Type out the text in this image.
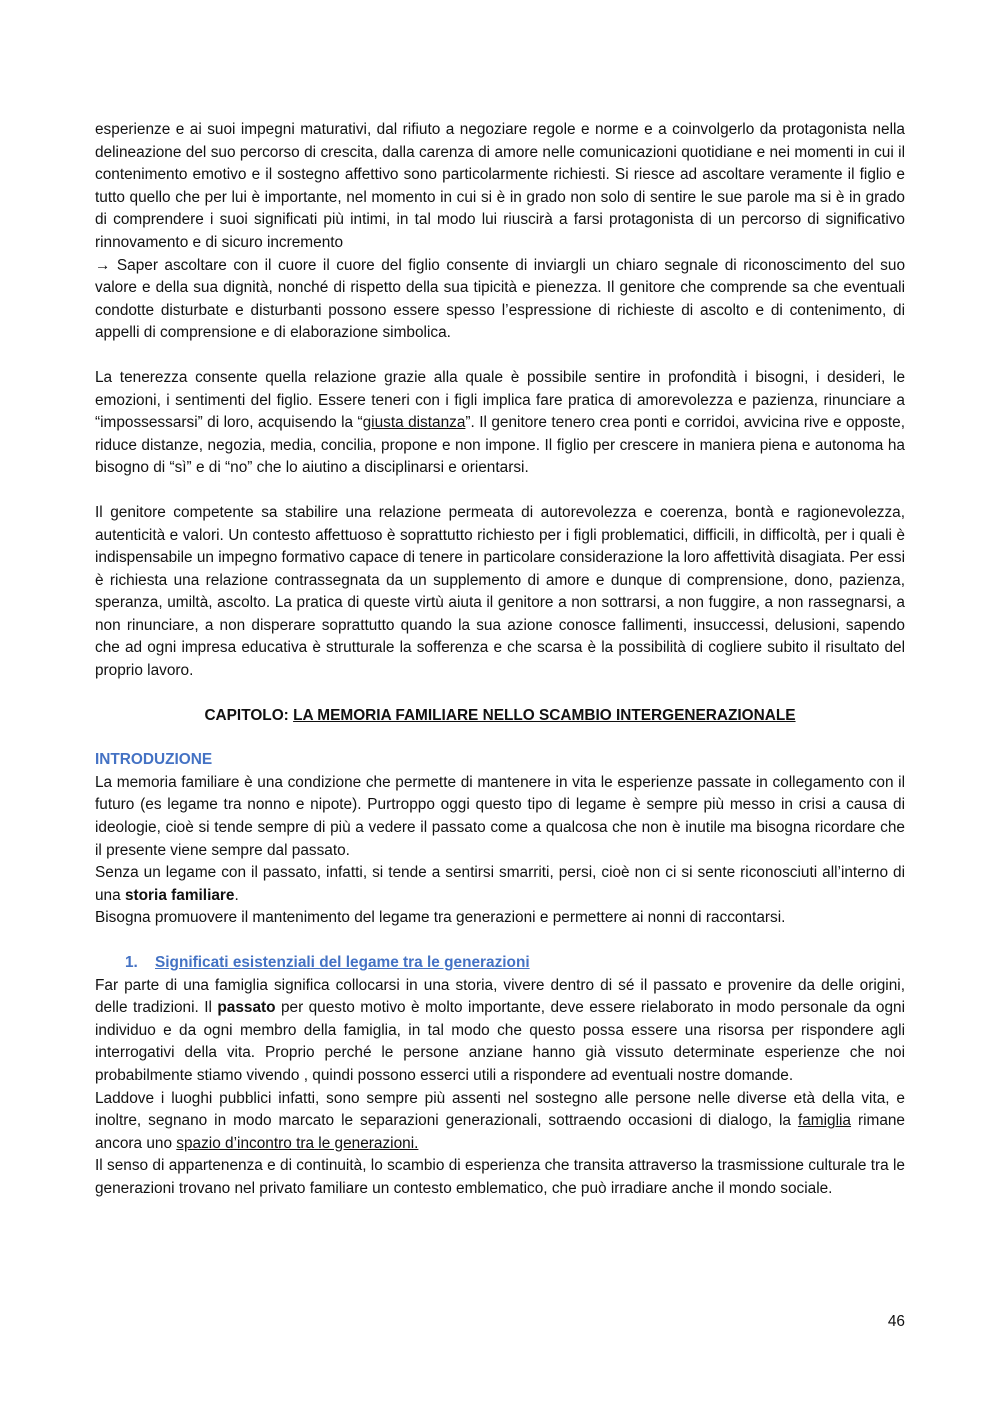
esperienze e ai suoi impegni maturativi, dal rifiuto a negoziare regole e norme e a coinvolgerlo da protagonista nella delineazione del suo percorso di crescita, dalla carenza di amore nelle comunicazioni quotidiane e nei momenti in cui il contenimento emotivo e il sostegno affettivo sono particolarmente richiesti. Si riesce ad ascoltare veramente il figlio e tutto quello che per lui è importante, nel momento in cui si è in grado non solo di sentire le sue parole ma si è in grado di comprendere i suoi significati più intimi, in tal modo lui riuscirà a farsi protagonista di un percorso di significativo rinnovamento e di sicuro incremento
→ Saper ascoltare con il cuore il cuore del figlio consente di inviargli un chiaro segnale di riconoscimento del suo valore e della sua dignità, nonché di rispetto della sua tipicità e pienezza. Il genitore che comprende sa che eventuali condotte disturbate e disturbanti possono essere spesso l’espressione di richieste di ascolto e di contenimento, di appelli di comprensione e di elaborazione simbolica.

La tenerezza consente quella relazione grazie alla quale è possibile sentire in profondità i bisogni, i desideri, le emozioni, i sentimenti del figlio. Essere teneri con i figli implica fare pratica di amorevolezza e pazienza, rinunciare a “impossessarsi” di loro, acquisendo la “giusta distanza”. Il genitore tenero crea ponti e corridoi, avvicina rive e opposte, riduce distanze, negozia, media, concilia, propone e non impone. Il figlio per crescere in maniera piena e autonoma ha bisogno di “sì” e di “no” che lo aiutino a disciplinarsi e orientarsi.

Il genitore competente sa stabilire una relazione permeata di autorevolezza e coerenza, bontà e ragionevolezza, autenticità e valori. Un contesto affettuoso è soprattutto richiesto per i figli problematici, difficili, in difficoltà, per i quali è indispensabile un impegno formativo capace di tenere in particolare considerazione la loro affettività disagiata. Per essi è richiesta una relazione contrassegnata da un supplemento di amore e dunque di comprensione, dono, pazienza, speranza, umiltà, ascolto. La pratica di queste virtù aiuta il genitore a non sottrarsi, a non fuggire, a non rassegnarsi, a non rinunciare, a non disperare soprattutto quando la sua azione conosce fallimenti, insuccessi, delusioni, sapendo che ad ogni impresa educativa è strutturale la sofferenza e che scarsa è la possibilità di cogliere subito il risultato del proprio lavoro.

CAPITOLO: LA MEMORIA FAMILIARE NELLO SCAMBIO INTERGENERAZIONALE

INTRODUZIONE

La memoria familiare è una condizione che permette di mantenere in vita le esperienze passate in collegamento con il futuro (es legame tra nonno e nipote). Purtroppo oggi questo tipo di legame è sempre più messo in crisi a causa di ideologie, cioè si tende sempre di più a vedere il passato come a qualcosa che non è inutile ma bisogna ricordare che il presente viene sempre dal passato.

Senza un legame con il passato, infatti, si tende a sentirsi smarriti, persi, cioè non ci si sente riconosciuti all’interno di una storia familiare.

Bisogna promuovere il mantenimento del legame tra generazioni e permettere ai nonni di raccontarsi.

1. Significati esistenziali del legame tra le generazioni

Far parte di una famiglia significa collocarsi in una storia, vivere dentro di sé il passato e provenire da delle origini, delle tradizioni. Il passato per questo motivo è molto importante, deve essere rielaborato in modo personale da ogni individuo e da ogni membro della famiglia, in tal modo che questo possa essere una risorsa per rispondere agli interrogativi della vita. Proprio perché le persone anziane hanno già vissuto determinate esperienze che noi probabilmente stiamo vivendo , quindi possono esserci utili a rispondere ad eventuali nostre domande.

Laddove i luoghi pubblici infatti, sono sempre più assenti nel sostegno alle persone nelle diverse età della vita, e inoltre, segnano in modo marcato le separazioni generazionali, sottraendo occasioni di dialogo, la famiglia rimane ancora uno spazio d’incontro tra le generazioni.

Il senso di appartenenza e di continuità, lo scambio di esperienza che transita attraverso la trasmissione culturale tra le generazioni trovano nel privato familiare un contesto emblematico, che può irradiare anche il mondo sociale.

46
